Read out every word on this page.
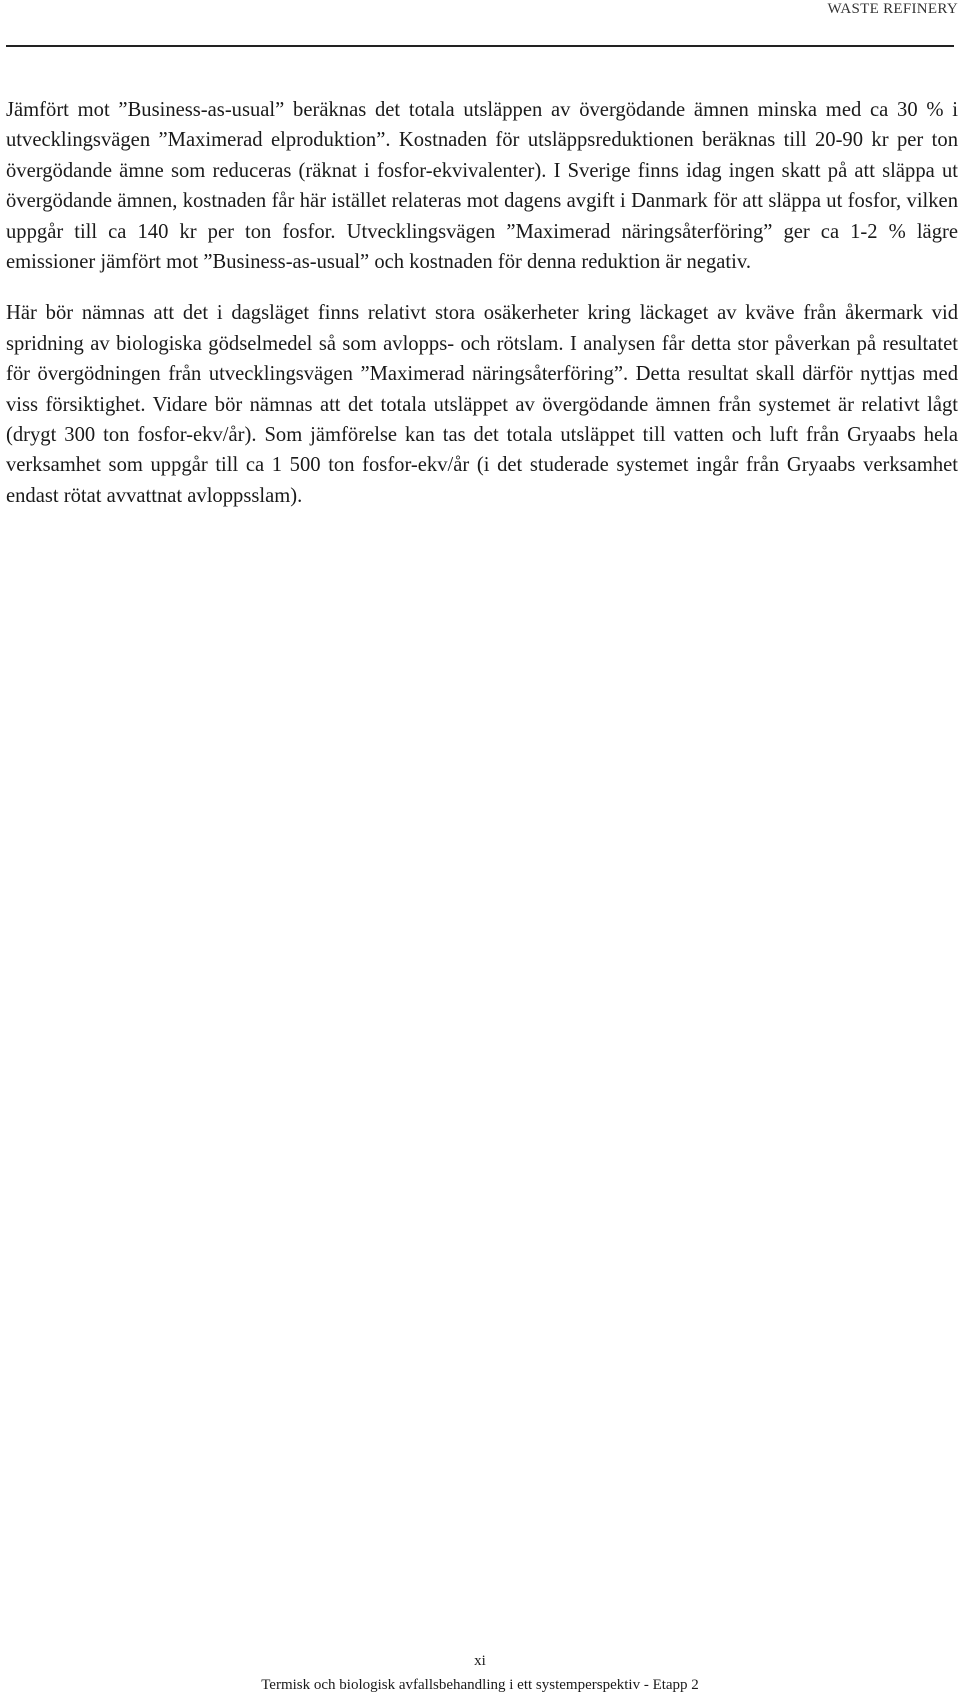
WASTE REFINERY

Jämfört mot ”Business-as-usual” beräknas det totala utsläppen av övergödande ämnen minska med ca 30 % i utvecklingsvägen ”Maximerad elproduktion”. Kostnaden för utsläppsreduktionen beräknas till 20-90 kr per ton övergödande ämne som reduceras (räknat i fosfor-ekvivalenter). I Sverige finns idag ingen skatt på att släppa ut övergödande ämnen, kostnaden får här istället relateras mot dagens avgift i Danmark för att släppa ut fosfor, vilken uppgår till ca 140 kr per ton fosfor. Utvecklingsvägen ”Maximerad näringsåterföring” ger ca 1-2 % lägre emissioner jämfört mot ”Business-as-usual” och kostnaden för denna reduktion är negativ.

Här bör nämnas att det i dagsläget finns relativt stora osäkerheter kring läckaget av kväve från åkermark vid spridning av biologiska gödselmedel så som avlopps- och rötslam. I analysen får detta stor påverkan på resultatet för övergödningen från utvecklingsvägen ”Maximerad näringsåterföring”. Detta resultat skall därför nyttjas med viss försiktighet. Vidare bör nämnas att det totala utsläppet av övergödande ämnen från systemet är relativt lågt (drygt 300 ton fosfor-ekv/år). Som jämförelse kan tas det totala utsläppet till vatten och luft från Gryaabs hela verksamhet som uppgår till ca 1 500 ton fosfor-ekv/år (i det studerade systemet ingår från Gryaabs verksamhet endast rötat avvattnat avloppsslam).

xi
Termisk och biologisk avfallsbehandling i ett systemperspektiv - Etapp 2
